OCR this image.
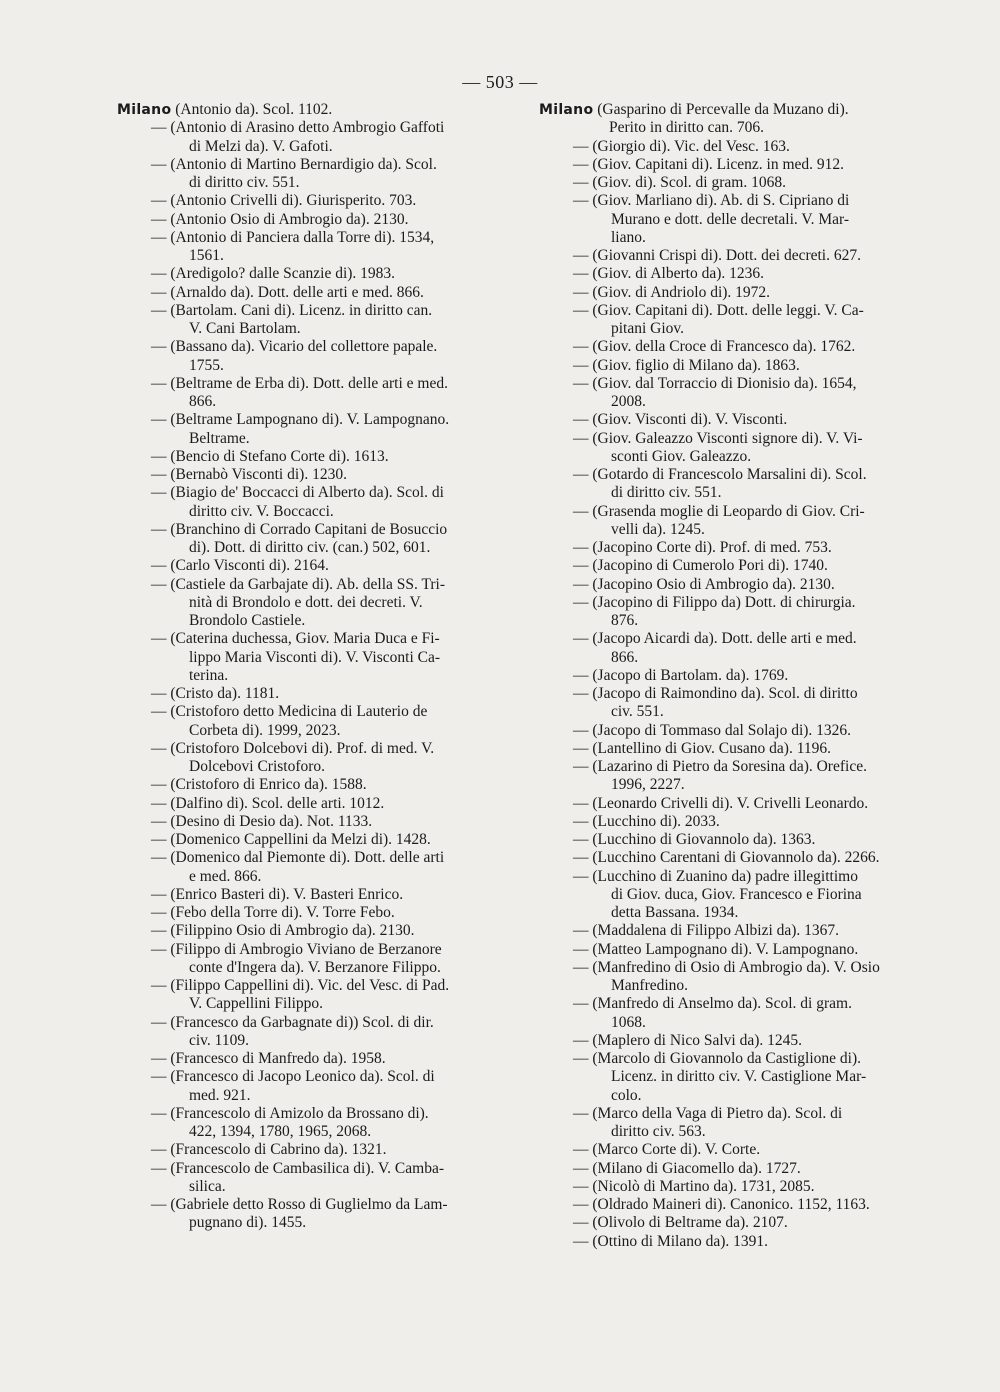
— 503 —
Milano (Antonio da). Scol. 1102.
— (Antonio di Arasino detto Ambrogio Gaffoti
di Melzi da). V. Gafoti.
— (Antonio di Martino Bernardigio da). Scol.
di diritto civ. 551.
— (Antonio Crivelli di). Giurisperito. 703.
— (Antonio Osio di Ambrogio da). 2130.
— (Antonio di Panciera dalla Torre di). 1534,
1561.
— (Aredigolo? dalle Scanzie di). 1983.
— (Arnaldo da). Dott. delle arti e med. 866.
— (Bartolam. Cani di). Licenz. in diritto can.
V. Cani Bartolam.
— (Bassano da). Vicario del collettore papale.
1755.
— (Beltrame de Erba di). Dott. delle arti e med.
866.
— (Beltrame Lampognano di). V. Lampognano.
Beltrame.
— (Bencio di Stefano Corte di). 1613.
— (Bernabò Visconti di). 1230.
— (Biagio de' Boccacci di Alberto da). Scol. di
diritto civ. V. Boccacci.
— (Branchino di Corrado Capitani de Bosuccio
di). Dott. di diritto civ. (can.) 502, 601.
— (Carlo Visconti di). 2164.
— (Castiele da Garbajate di). Ab. della SS. Tri-
nità di Brondolo e dott. dei decreti. V.
Brondolo Castiele.
— (Caterina duchessa, Giov. Maria Duca e Fi-
lippo Maria Visconti di). V. Visconti Ca-
terina.
— (Cristo da). 1181.
— (Cristoforo detto Medicina di Lauterio de
Corbeta di). 1999, 2023.
— (Cristoforo Dolcebovi di). Prof. di med. V.
Dolcebovi Cristoforo.
— (Cristoforo di Enrico da). 1588.
— (Dalfino di). Scol. delle arti. 1012.
— (Desino di Desio da). Not. 1133.
— (Domenico Cappellini da Melzi di). 1428.
— (Domenico dal Piemonte di). Dott. delle arti
e med. 866.
— (Enrico Basteri di). V. Basteri Enrico.
— (Febo della Torre di). V. Torre Febo.
— (Filippino Osio di Ambrogio da). 2130.
— (Filippo di Ambrogio Viviano de Berzanore
conte d'Ingera da). V. Berzanore Filippo.
— (Filippo Cappellini di). Vic. del Vesc. di Pad.
V. Cappellini Filippo.
— (Francesco da Garbagnate di)) Scol. di dir.
civ. 1109.
— (Francesco di Manfredo da). 1958.
— (Francesco di Jacopo Leonico da). Scol. di
med. 921.
— (Francescolo di Amizolo da Brossano di).
422, 1394, 1780, 1965, 2068.
— (Francescolo di Cabrino da). 1321.
— (Francescolo de Cambasilica di). V. Camba-
silica.
— (Gabriele detto Rosso di Guglielmo da Lam-
pugnano di). 1455.
Milano (Gasparino di Percevalle da Muzano di).
Perito in diritto can. 706.
— (Giorgio di). Vic. del Vesc. 163.
— (Giov. Capitani di). Licenz. in med. 912.
— (Giov. di). Scol. di gram. 1068.
— (Giov. Marliano di). Ab. di S. Cipriano di
Murano e dott. delle decretali. V. Mar-
liano.
— (Giovanni Crispi di). Dott. dei decreti. 627.
— (Giov. di Alberto da). 1236.
— (Giov. di Andriolo di). 1972.
— (Giov. Capitani di). Dott. delle leggi. V. Ca-
pitani Giov.
— (Giov. della Croce di Francesco da). 1762.
— (Giov. figlio di Milano da). 1863.
— (Giov. dal Torraccio di Dionisio da). 1654,
2008.
— (Giov. Visconti di). V. Visconti.
— (Giov. Galeazzo Visconti signore di). V. Vi-
sconti Giov. Galeazzo.
— (Gotardo di Francescolo Marsalini di). Scol.
di diritto civ. 551.
— (Grasenda moglie di Leopardo di Giov. Cri-
velli da). 1245.
— (Jacopino Corte di). Prof. di med. 753.
— (Jacopino di Cumerolo Pori di). 1740.
— (Jacopino Osio di Ambrogio da). 2130.
— (Jacopino di Filippo da) Dott. di chirurgia.
876.
— (Jacopo Aicardi da). Dott. delle arti e med.
866.
— (Jacopo di Bartolam. da). 1769.
— (Jacopo di Raimondino da). Scol. di diritto
civ. 551.
— (Jacopo di Tommaso dal Solajo di). 1326.
— (Lantellino di Giov. Cusano da). 1196.
— (Lazarino di Pietro da Soresina da). Orefice.
1996, 2227.
— (Leonardo Crivelli di). V. Crivelli Leonardo.
— (Lucchino di). 2033.
— (Lucchino di Giovannolo da). 1363.
— (Lucchino Carentani di Giovannolo da). 2266.
— (Lucchino di Zuanino da) padre illegittimo
di Giov. duca, Giov. Francesco e Fiorina
detta Bassana. 1934.
— (Maddalena di Filippo Albizi da). 1367.
— (Matteo Lampognano di). V. Lampognano.
— (Manfredino di Osio di Ambrogio da). V. Osio
Manfredino.
— (Manfredo di Anselmo da). Scol. di gram.
1068.
— (Maplero di Nico Salvi da). 1245.
— (Marcolo di Giovannolo da Castiglione di).
Licenz. in diritto civ. V. Castiglione Mar-
colo.
— (Marco della Vaga di Pietro da). Scol. di
diritto civ. 563.
— (Marco Corte di). V. Corte.
— (Milano di Giacomello da). 1727.
— (Nicolò di Martino da). 1731, 2085.
— (Oldrado Maineri di). Canonico. 1152, 1163.
— (Olivolo di Beltrame da). 2107.
— (Ottino di Milano da). 1391.
